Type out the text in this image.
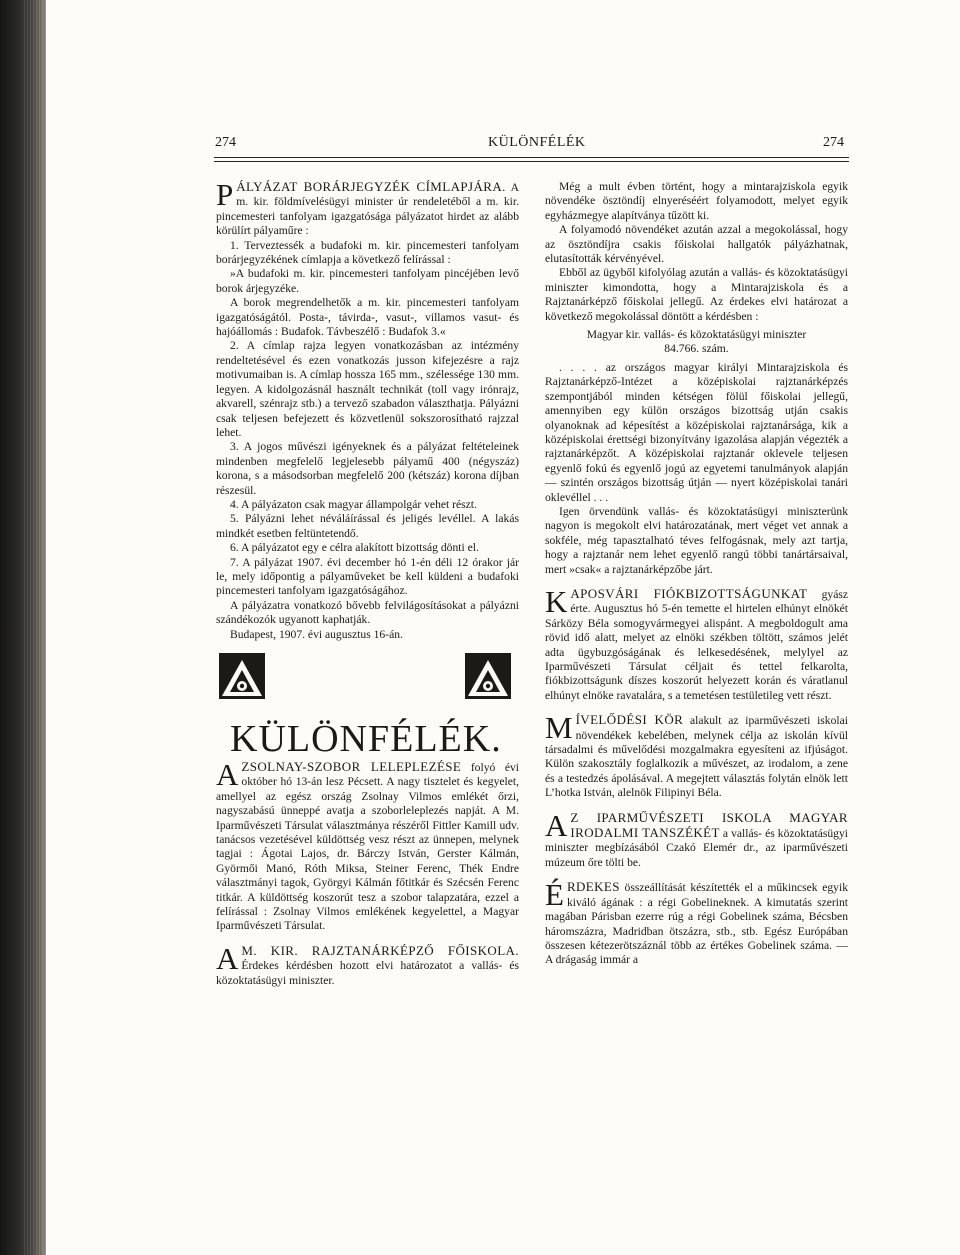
274	KÜLÖNFÉLÉK	274

PÁLYÁZAT BORÁRJEGYZÉK CÍMLAPJÁRA. A m. kir. földmívelésügyi minister úr rendeletéből a m. kir. pincemesteri tanfolyam igazgatósága pályázatot hirdet az alább körülírt pályaműre :

1. Terveztessék a budafoki m. kir. pincemesteri tanfolyam borárjegyzékének címlapja a következő felírással :

»A budafoki m. kir. pincemesteri tanfolyam pincéjében levő borok árjegyzéke.

A borok megrendelhetők a m. kir. pincemesteri tanfolyam igazgatóságától. Posta-, távirda-, vasut-, villamos vasut- és hajóállomás : Budafok. Távbeszélő : Budafok 3.«

2. A címlap rajza legyen vonatkozásban az intézmény rendeltetésével és ezen vonatkozás jusson kifejezésre a rajz motivumaiban is. A címlap hossza 165 mm., szélessége 130 mm. legyen. A kidolgozásnál használt technikát (toll vagy irónrajz, akvarell, szénrajz stb.) a tervező szabadon választhatja. Pályázni csak teljesen befejezett és közvetlenül sokszorosítható rajzzal lehet.

3. A jogos művészi igényeknek és a pályázat feltételeinek mindenben megfelelő legjelesebb pályamű 400 (négyszáz) korona, s a másodsorban megfelelő 200 (kétszáz) korona díjban részesül.

4. A pályázaton csak magyar állampolgár vehet részt.

5. Pályázni lehet néváláírással és jeligés levéllel. A lakás mindkét esetben feltüntetendő.

6. A pályázatot egy e célra alakított bizottság dönti el.

7. A pályázat 1907. évi december hó 1-én déli 12 órakor jár le, mely időpontig a pályaműveket be kell küldeni a budafoki pincemesteri tanfolyam igazgatóságához.

A pályázatra vonatkozó bővebb felvilágosításokat a pályázni szándékozók ugyanott kaphatják.

Budapest, 1907. évi augusztus 16-án.

KÜLÖNFÉLÉK.

AZSOLNAY-SZOBOR LELEPLEZÉSE folyó évi október hó 13-án lesz Pécsett. A nagy tisztelet és kegyelet, amellyel az egész ország Zsolnay Vilmos emlékét őrzi, nagyszabású ünneppé avatja a szoborleleplezés napját. A M. Iparművészeti Társulat választmánya részéről Fittler Kamill udv. tanácsos vezetésével küldöttség vesz részt az ünnepen, melynek tagjai : Ágotai Lajos, dr. Bárczy István, Gerster Kálmán, Györmői Manó, Róth Miksa, Steiner Ferenc, Thék Endre választmányi tagok, Györgyi Kálmán főtitkár és Szécsén Ferenc titkár. A küldöttség koszorút tesz a szobor talapzatára, ezzel a felírással : Zsolnay Vilmos emlékének kegyelettel, a Magyar Iparművészeti Társulat.

A M. KIR. RAJZTANÁRKÉPZŐ FŐISKOLA. Érdekes kérdésben hozott elvi határozatot a vallás- és közoktatásügyi miniszter.

Még a mult évben történt, hogy a mintarajziskola egyik növendéke ösztöndíj elnyeréséért folyamodott, melyet egyik egyházmegye alapítványa tűzött ki.

A folyamodó növendéket azután azzal a megokolással, hogy az ösztöndíjra csakis főiskolai hallgatók pályázhatnak, elutasították kérvényével.

Ebből az ügyből kifolyólag azután a vallás- és közoktatásügyi miniszter kimondotta, hogy a Mintarajziskola és a Rajztanárképző főiskolai jellegű. Az érdekes elvi határozat a következő megokolással döntött a kérdésben :

Magyar kir. vallás- és közoktatásügyi miniszter

84.766. szám.

. . . . az országos magyar királyi Mintarajziskola és Rajztanárképző-Intézet a középiskolai rajztanárképzés szempontjából minden kétségen fölül főiskolai jellegű, amennyiben egy külön országos bizottság utján csakis olyanoknak ad képesítést a középiskolai rajztanársága, kik a középiskolai érettségi bizonyítvány igazolása alapján végezték a rajztanárképzőt. A középiskolai rajztanár oklevele teljesen egyenlő fokú és egyenlő jogú az egyetemi tanulmányok alapján — szintén országos bizottság útján — nyert középiskolai tanári oklevéllel . . .

Igen örvendünk vallás- és közoktatásügyi miniszterünk nagyon is megokolt elvi határozatának, mert véget vet annak a sokféle, még tapasztalható téves felfogásnak, mely azt tartja, hogy a rajztanár nem lehet egyenlő rangú többi tanártársaival, mert »csak« a rajztanárképzőbe járt.

KAPOSVÁRI FIÓKBIZOTTSÁGUNKAT gyász érte. Augusztus hó 5-én temette el hirtelen elhúnyt elnökét Sárközy Béla somogyvármegyei alispánt. A megboldogult ama rövid idő alatt, melyet az elnöki székben töltött, számos jelét adta ügybuzgóságának és lelkesedésének, melylyel az Iparművészeti Társulat céljait és tettel felkarolta, fiókbizottságunk díszes koszorút helyezett korán és váratlanul elhúnyt elnöke ravatalára, s a temetésen testületileg vett részt.

MÍVELŐDÉSI KÖR alakult az iparművészeti iskolai növendékek kebelében, melynek célja az iskolán kívül társadalmi és művelődési mozgalmakra egyesíteni az ifjúságot. Külön szakosztály foglalkozik a művészet, az irodalom, a zene és a testedzés ápolásával. A megejtett választás folytán elnök lett L’hotka István, alelnök Filipinyi Béla.

A Z IPARMŰVÉSZETI ISKOLA MAGYAR IRODALMI TANSZÉKÉT a vallás- és közoktatásügyi miniszter megbízásából Czakó Elemér dr., az iparművészeti múzeum őre tölti be.

ÉRDEKES összeállítását készítették el a műkincsek egyik kiváló ágának : a régi Gobelineknek. A kimutatás szerint magában Párisban ezerre rúg a régi Gobelinek száma, Bécsben háromszázra, Madridban ötszázra, stb., stb. Egész Európában összesen kétezerötszáznál több az értékes Gobelinek száma. — A drágaság immár a
